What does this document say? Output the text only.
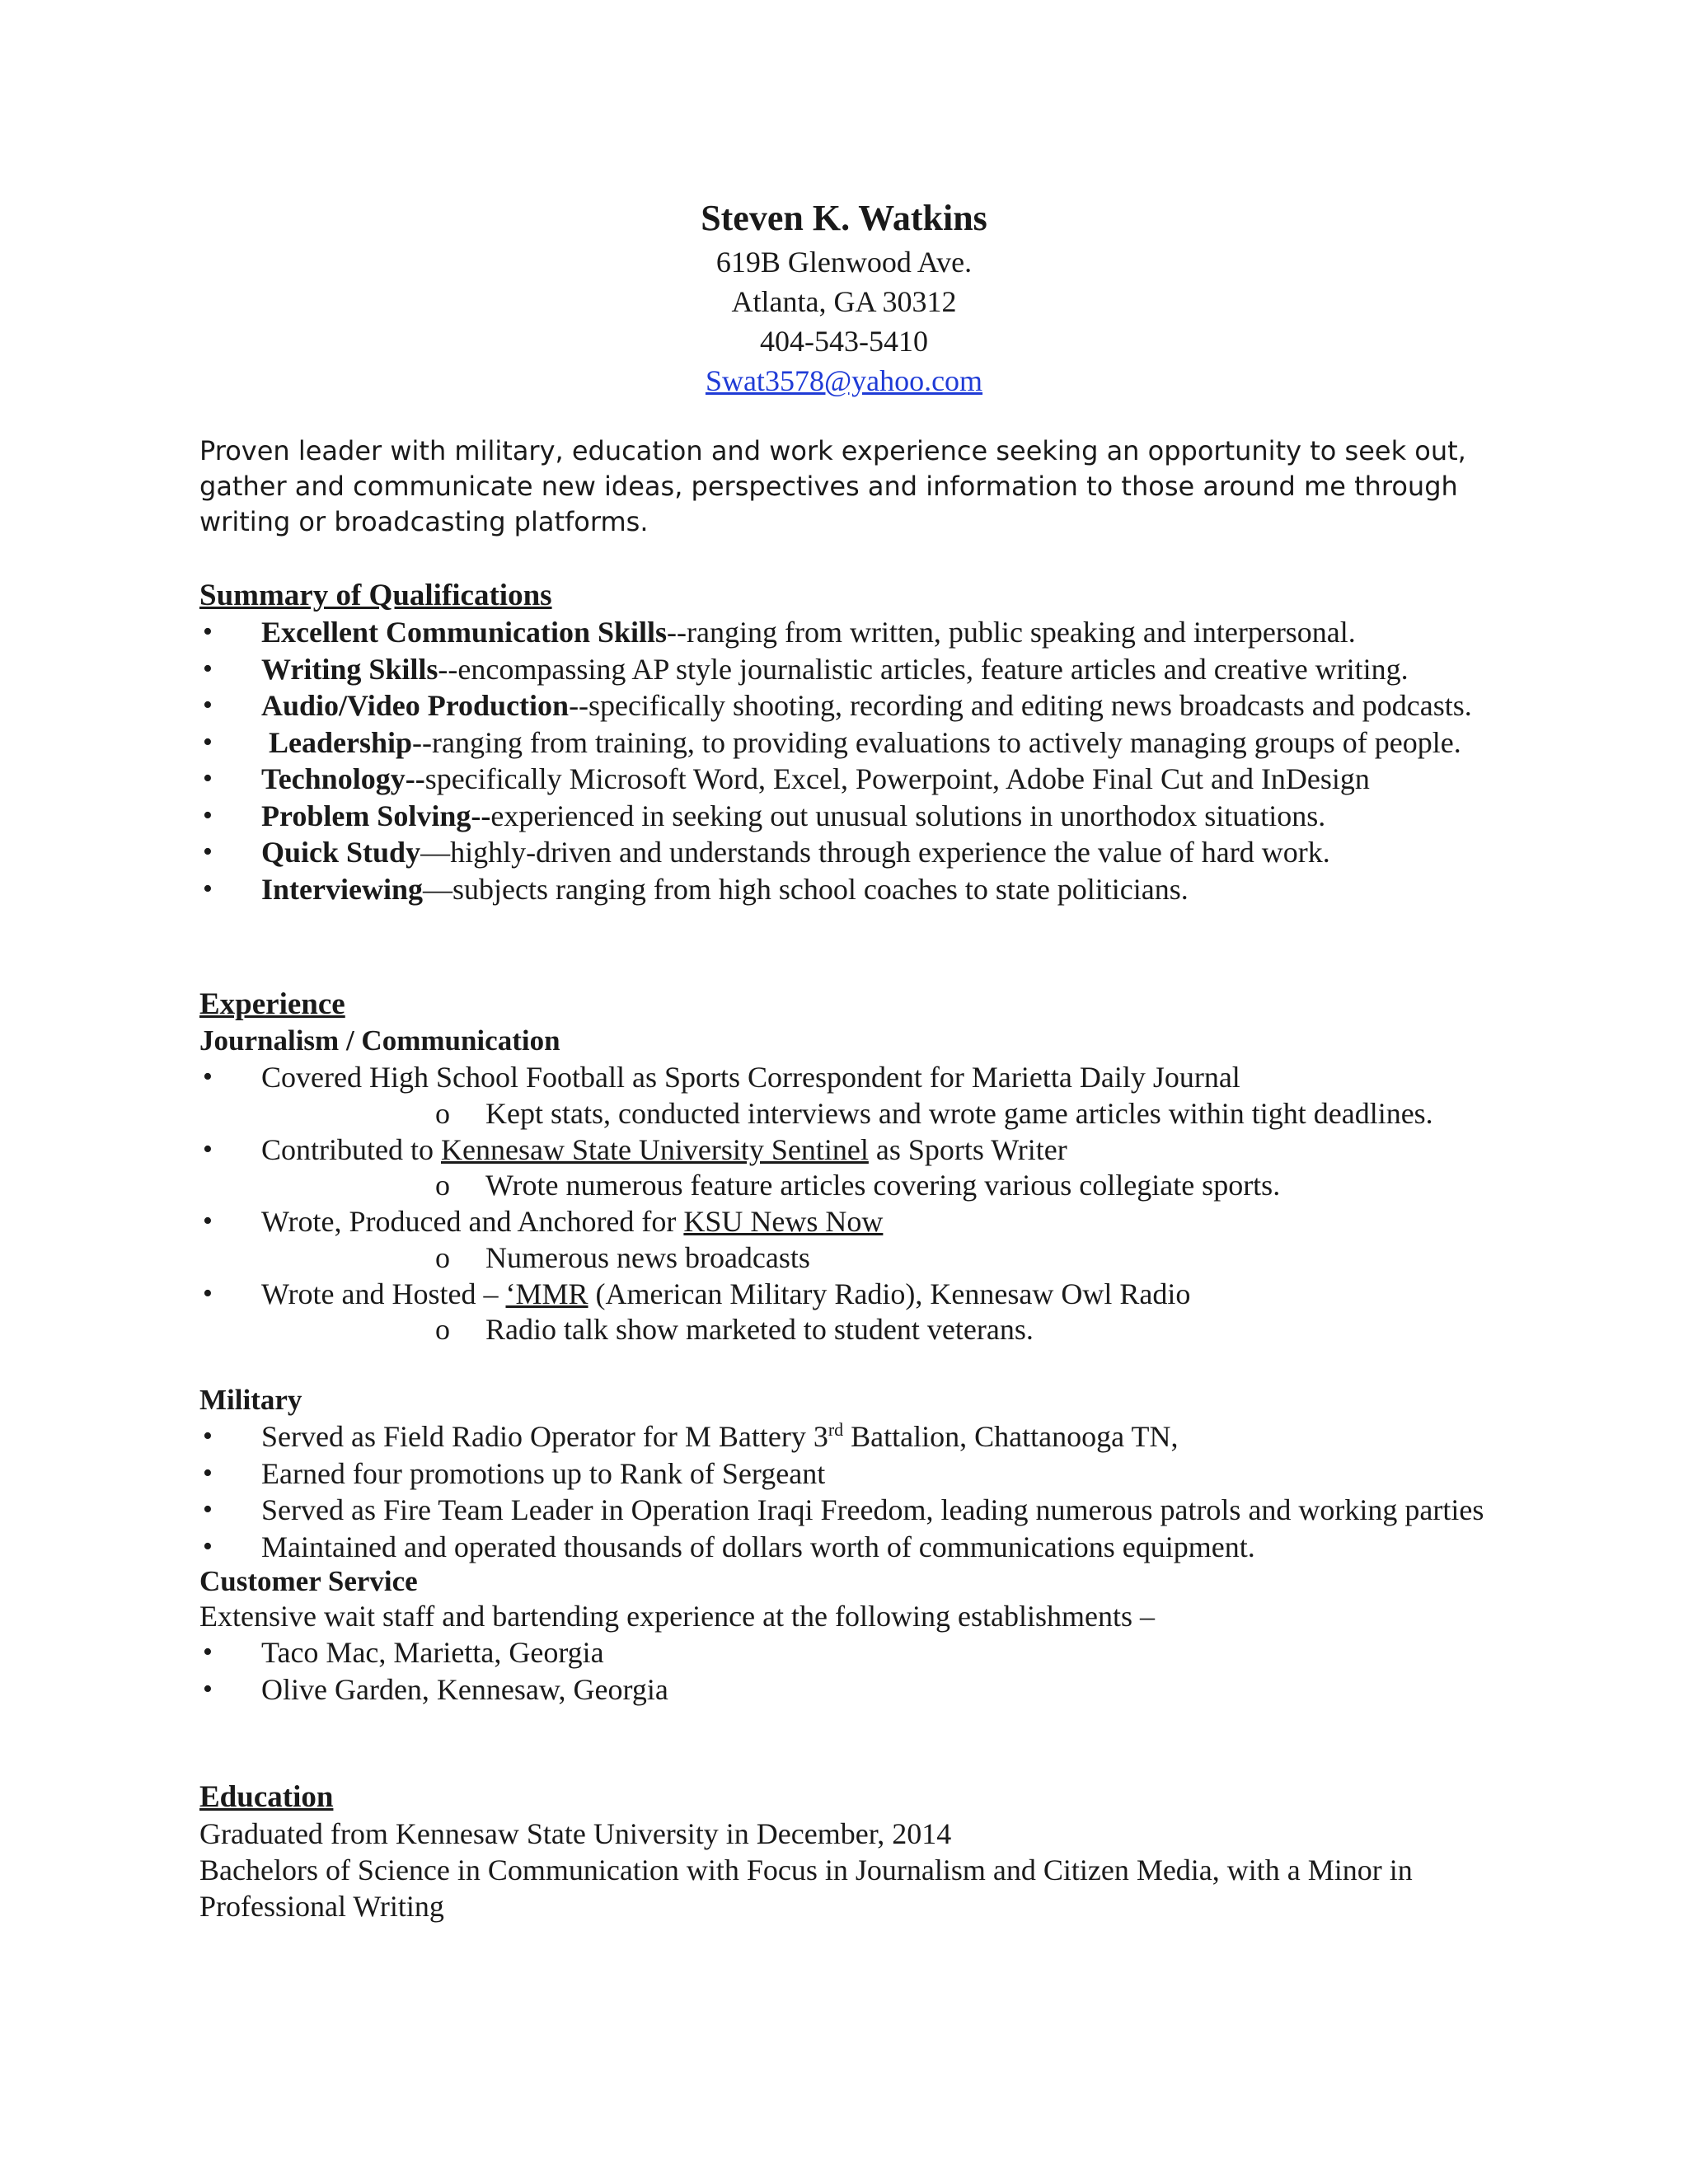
Steven K. Watkins
619B Glenwood Ave.
Atlanta, GA 30312
404-543-5410
Swat3578@yahoo.com
Proven leader with military, education and work experience seeking an opportunity to seek out, gather and communicate new ideas, perspectives and information to those around me through writing or broadcasting platforms.
Summary of Qualifications
• Excellent Communication Skills--ranging from written, public speaking and interpersonal.
• Writing Skills--encompassing AP style journalistic articles, feature articles and creative writing.
• Audio/Video Production--specifically shooting, recording and editing news broadcasts and podcasts.
• Leadership--ranging from training, to providing evaluations to actively managing groups of people.
• Technology--specifically Microsoft Word, Excel, Powerpoint, Adobe Final Cut and InDesign
• Problem Solving--experienced in seeking out unusual solutions in unorthodox situations.
• Quick Study—highly-driven and understands through experience the value of hard work.
• Interviewing—subjects ranging from high school coaches to state politicians.
Experience
Journalism / Communication
• Covered High School Football as Sports Correspondent for Marietta Daily Journal
o Kept stats, conducted interviews and wrote game articles within tight deadlines.
• Contributed to Kennesaw State University Sentinel as Sports Writer
o Wrote numerous feature articles covering various collegiate sports.
• Wrote, Produced and Anchored for KSU News Now
o Numerous news broadcasts
• Wrote and Hosted – ‘MMR (American Military Radio), Kennesaw Owl Radio
o Radio talk show marketed to student veterans.
Military
• Served as Field Radio Operator for M Battery 3rd Battalion, Chattanooga TN,
• Earned four promotions up to Rank of Sergeant
• Served as Fire Team Leader in Operation Iraqi Freedom, leading numerous patrols and working parties
• Maintained and operated thousands of dollars worth of communications equipment.
Customer Service
Extensive wait staff and bartending experience at the following establishments –
• Taco Mac, Marietta, Georgia
• Olive Garden, Kennesaw, Georgia
Education
Graduated from Kennesaw State University in December, 2014
Bachelors of Science in Communication with Focus in Journalism and Citizen Media, with a Minor in Professional Writing
